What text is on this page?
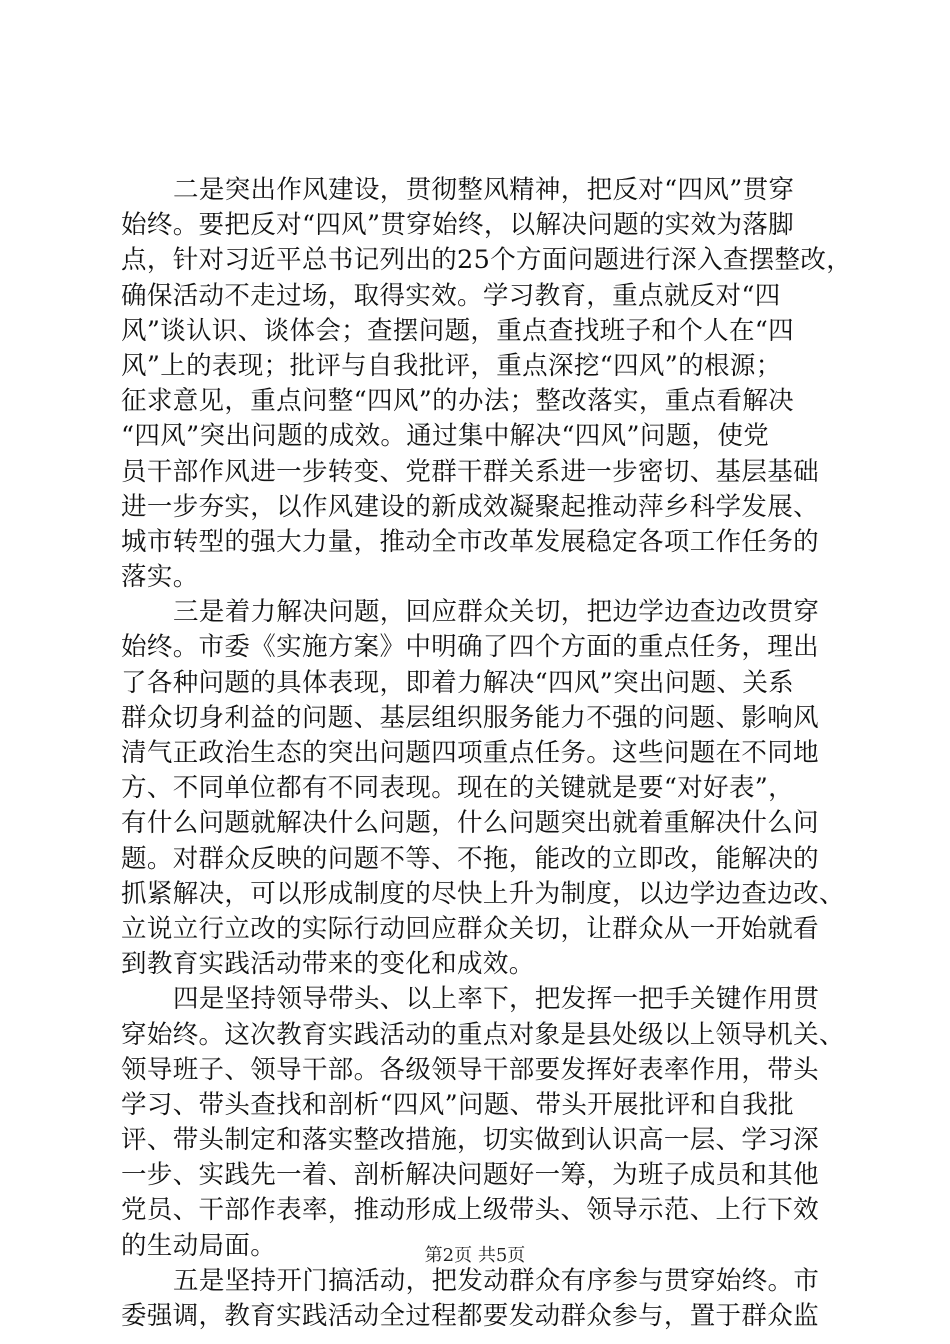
二是突出作风建设，贯彻整风精神，把反对“四风”贯穿
始终。要把反对“四风”贯穿始终，以解决问题的实效为落脚
点，针对习近平总书记列出的25个方面问题进行深入查摆整改，
确保活动不走过场，取得实效。学习教育，重点就反对“四
风”谈认识、谈体会；查摆问题，重点查找班子和个人在“四
风”上的表现；批评与自我批评，重点深挖“四风”的根源；
征求意见，重点问整“四风”的办法；整改落实，重点看解决
“四风”突出问题的成效。通过集中解决“四风”问题，使党
员干部作风进一步转变、党群干群关系进一步密切、基层基础
进一步夯实，以作风建设的新成效凝聚起推动萍乡科学发展、
城市转型的强大力量，推动全市改革发展稳定各项工作任务的
落实。
三是着力解决问题，回应群众关切，把边学边查边改贯穿
始终。市委《实施方案》中明确了四个方面的重点任务，理出
了各种问题的具体表现，即着力解决“四风”突出问题、关系
群众切身利益的问题、基层组织服务能力不强的问题、影响风
清气正政治生态的突出问题四项重点任务。这些问题在不同地
方、不同单位都有不同表现。现在的关键就是要“对好表”，
有什么问题就解决什么问题，什么问题突出就着重解决什么问
题。对群众反映的问题不等、不拖，能改的立即改，能解决的
抓紧解决，可以形成制度的尽快上升为制度，以边学边查边改、
立说立行立改的实际行动回应群众关切，让群众从一开始就看
到教育实践活动带来的变化和成效。
四是坚持领导带头、以上率下，把发挥一把手关键作用贯
穿始终。这次教育实践活动的重点对象是县处级以上领导机关、
领导班子、领导干部。各级领导干部要发挥好表率作用，带头
学习、带头查找和剖析“四风”问题、带头开展批评和自我批
评、带头制定和落实整改措施，切实做到认识高一层、学习深
一步、实践先一着、剖析解决问题好一筹，为班子成员和其他
党员、干部作表率，推动形成上级带头、领导示范、上行下效
的生动局面。
五是坚持开门搞活动，把发动群众有序参与贯穿始终。市
委强调，教育实践活动全过程都要发动群众参与，置于群众监
第2页 共5页
